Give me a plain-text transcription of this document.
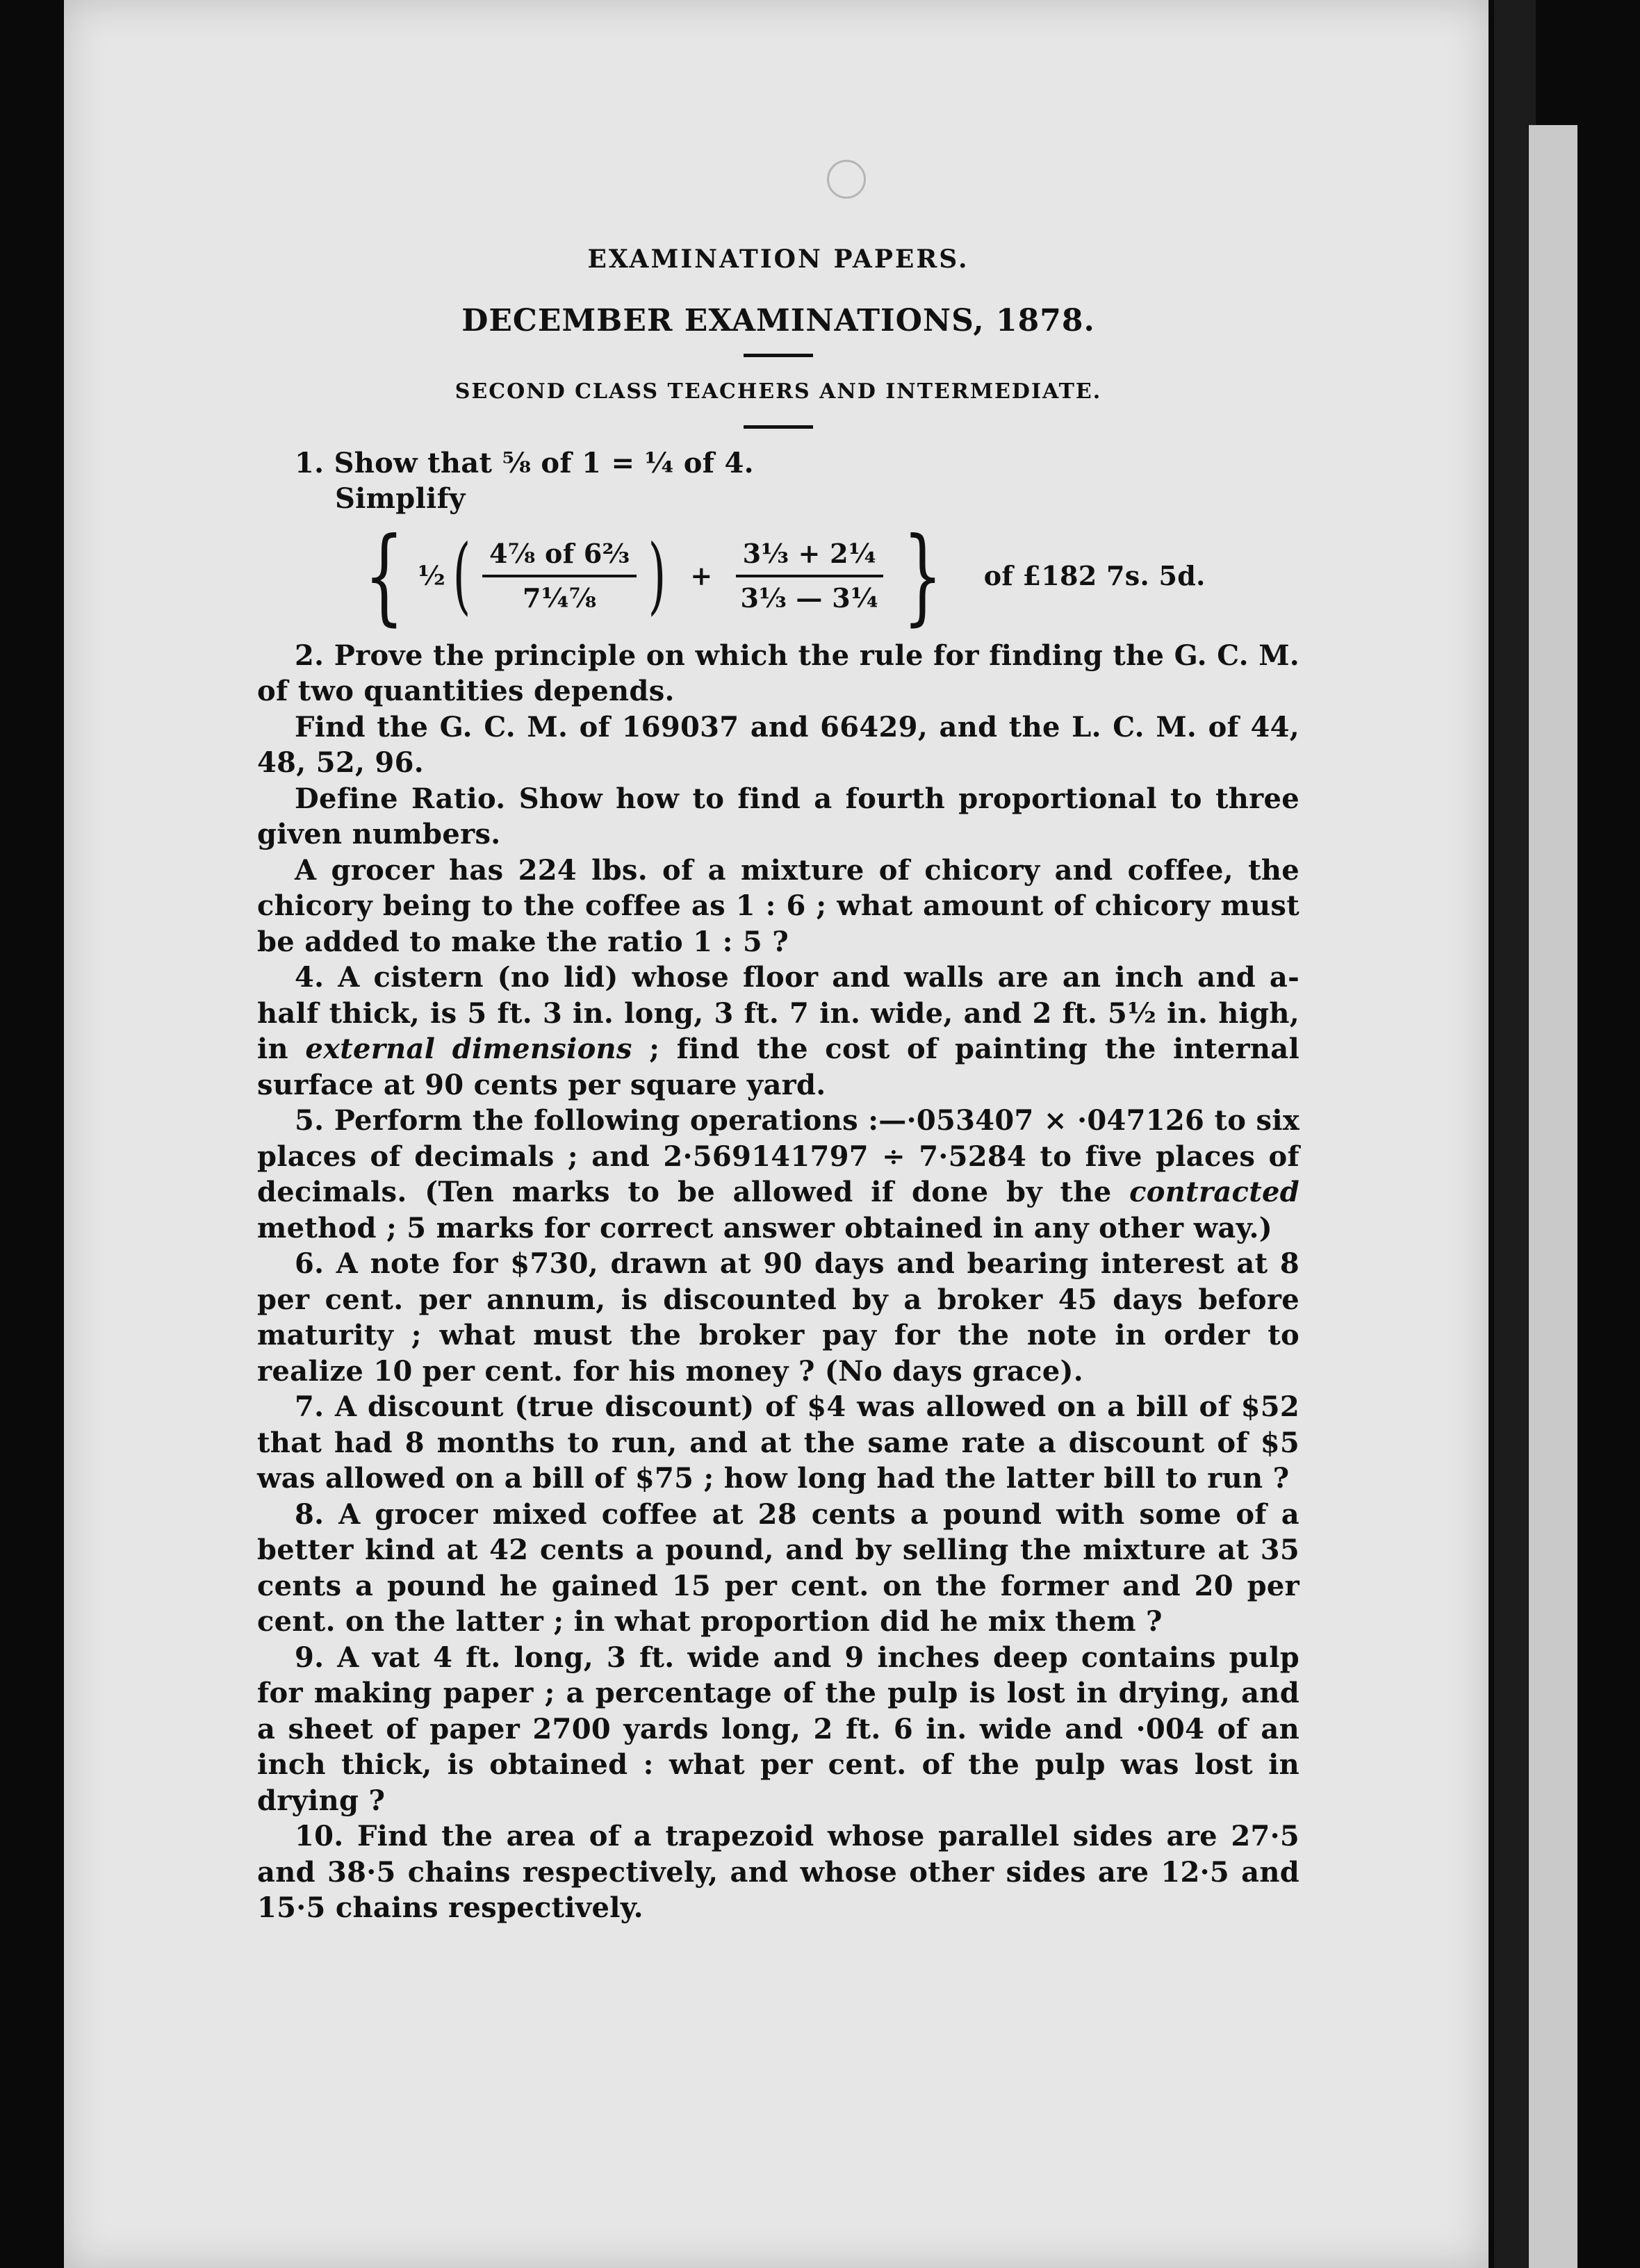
EXAMINATION PAPERS.
DECEMBER EXAMINATIONS, 1878.
SECOND CLASS TEACHERS AND INTERMEDIATE.

1. Show that ⅝ of 1 = ¼ of 4.

Simplify

{ ½ ( $\frac{\text{4⅞ of 6⅔}}{\text{7¼⅞}}$ ) + $\frac{\text{3⅓ + 2¼}}{\text{3⅓ — 3¼}}$ } of £182 7s. 5d.

2. Prove the principle on which the rule for finding the G. C. M. of two quantities depends.

Find the G. C. M. of 169037 and 66429, and the L. C. M. of 44, 48, 52, 96.

Define Ratio. Show how to find a fourth proportional to three given numbers.

A grocer has 224 lbs. of a mixture of chicory and coffee, the chicory being to the coffee as 1 : 6 ; what amount of chicory must be added to make the ratio 1 : 5 ?

4. A cistern (no lid) whose floor and walls are an inch and a-half thick, is 5 ft. 3 in. long, 3 ft. 7 in. wide, and 2 ft. 5½ in. high, in external dimensions ; find the cost of painting the internal surface at 90 cents per square yard.

5. Perform the following operations :—·053407 × ·047126 to six places of decimals ; and 2·569141797 ÷ 7·5284 to five places of decimals. (Ten marks to be allowed if done by the contracted method ; 5 marks for correct answer obtained in any other way.)

6. A note for $730, drawn at 90 days and bearing interest at 8 per cent. per annum, is discounted by a broker 45 days before maturity ; what must the broker pay for the note in order to realize 10 per cent. for his money ? (No days grace).

7. A discount (true discount) of $4 was allowed on a bill of $52 that had 8 months to run, and at the same rate a discount of $5 was allowed on a bill of $75 ; how long had the latter bill to run ?

8. A grocer mixed coffee at 28 cents a pound with some of a better kind at 42 cents a pound, and by selling the mixture at 35 cents a pound he gained 15 per cent. on the former and 20 per cent. on the latter ; in what proportion did he mix them ?

9. A vat 4 ft. long, 3 ft. wide and 9 inches deep contains pulp for making paper ; a percentage of the pulp is lost in drying, and a sheet of paper 2700 yards long, 2 ft. 6 in. wide and ·004 of an inch thick, is obtained : what per cent. of the pulp was lost in drying ?

10. Find the area of a trapezoid whose parallel sides are 27·5 and 38·5 chains respectively, and whose other sides are 12·5 and 15·5 chains respectively.
